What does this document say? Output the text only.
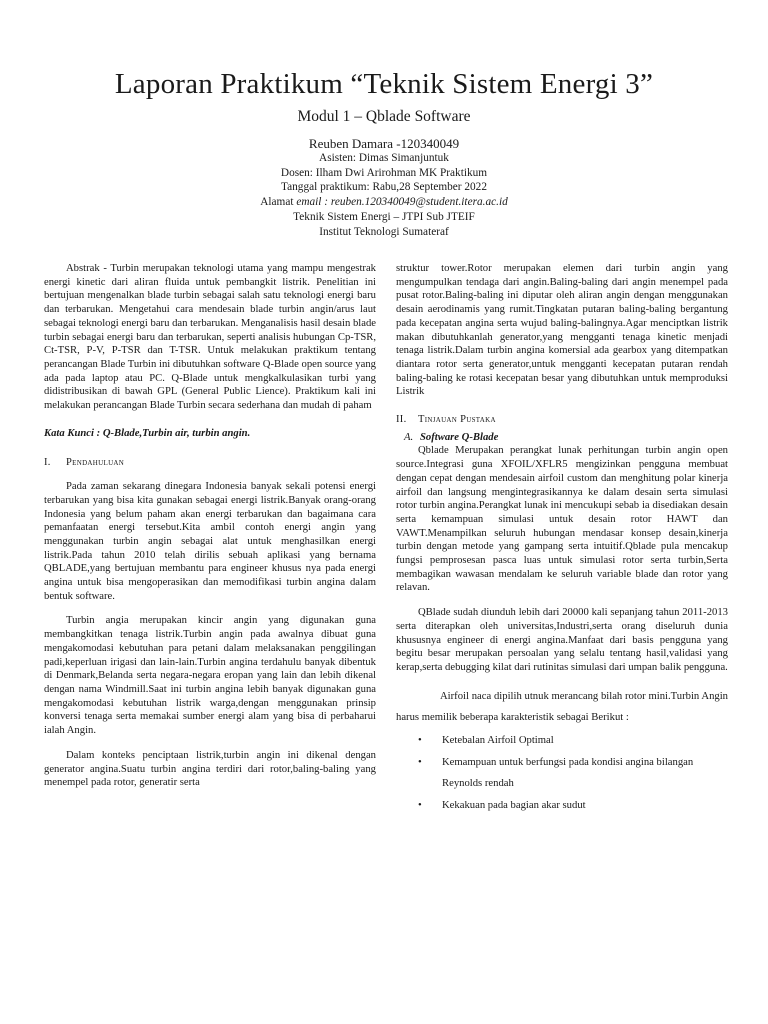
Laporan Praktikum “Teknik Sistem Energi 3”
Modul 1 – Qblade Software
Reuben Damara -120340049
Asisten: Dimas Simanjuntuk
Dosen: Ilham Dwi Arirohman MK Praktikum
Tanggal praktikum: Rabu,28 September 2022
Alamat email : reuben.120340049@student.itera.ac.id
Teknik Sistem Energi – JTPI Sub JTEIF
Institut Teknologi Sumateraf

Abstrak - Turbin merupakan teknologi utama yang mampu mengestrak energi kinetic dari aliran fluida untuk pembangkit listrik. Penelitian ini bertujuan mengenalkan blade turbin sebagai salah satu teknologi energi baru dan terbarukan. Mengetahui cara mendesain blade turbin angin/arus laut sebagai teknologi energi baru dan terbarukan. Menganalisis hasil desain blade turbin sebagai energi baru dan terbarukan, seperti analisis hubungan Cp-TSR, Ct-TSR, P-V, P-TSR dan T-TSR. Untuk melakukan praktikum tentang perancangan Blade Turbin ini dibutuhkan software Q-Blade open source yang ada pada laptop atau PC. Q-Blade untuk mengkalkulasikan turbi yang didistribusikan di bawah GPL (General Public Lience). Praktikum kali ini melakukan perancangan Blade Turbin secara sederhana dan mudah di paham

Kata Kunci : Q-Blade,Turbin air, turbin angin.

I. Pendahuluan

Pada zaman sekarang dinegara Indonesia banyak sekali potensi energi terbarukan yang bisa kita gunakan sebagai energi listrik.Banyak orang-orang Indonesia yang belum paham akan energi terbarukan dan bagaimana cara pemanfaatan energi tersebut.Kita ambil contoh energi angin yang menggunakan turbin angin sebagai alat untuk menghasilkan energi listrik.Pada tahun 2010 telah dirilis sebuah aplikasi yang bernama QBLADE,yang bertujuan membantu para engineer khusus nya pada energi angina untuk bisa mengoperasikan dan memodifikasi turbin angina dalam bentuk software.

Turbin angia merupakan kincir angin yang digunakan guna membangkitkan tenaga listrik.Turbin angin pada awalnya dibuat guna mengakomodasi kebutuhan para petani dalam melaksanakan penggilingan padi,keperluan irigasi dan lain-lain.Turbin angina terdahulu banyak dibentuk di Denmark,Belanda serta negara-negara eropan yang lain dan lebih dikenal dengan nama Windmill.Saat ini turbin angina lebih banyak digunakan guna mengakomodasi kebutuhan listrik warga,dengan menggunakan prinsip konversi tenaga serta memakai sumber energi alam yang bisa di perbaharui ialah Angin.

Dalam konteks penciptaan listrik,turbin angin ini dikenal dengan generator angina.Suatu turbin angina terdiri dari rotor,baling-baling yang menempel pada rotor, generatir serta

struktur tower.Rotor merupakan elemen dari turbin angin yang mengumpulkan tendaga dari angin.Baling-baling dari angin menempel pada pusat rotor.Baling-baling ini diputar oleh aliran angin dengan menggunakan desain aerodinamis yang rumit.Tingkatan putaran baling-baling bergantung pada kecepatan angina serta wujud baling-balingnya.Agar menciptkan listrik makan dibutuhkanlah generator,yang mengganti tenaga kinetic menjadi tenaga listrik.Dalam turbin angina komersial ada gearbox yang ditempatkan diantara rotor serta generator,untuk mengganti kecepatan putaran rendah baling-baling ke rotasi kecepatan besar yang dibutuhkan untuk memproduksi Listrik

II. Tinjauan Pustaka
A. Software Q-Blade

Qblade Merupakan perangkat lunak perhitungan turbin angin open source.Integrasi guna XFOIL/XFLR5 mengizinkan pengguna membuat dengan cepat dengan mendesain airfoil custom dan menghitung polar kinerja airfoil dan langsung mengintegrasikannya ke dalam desain serta simulasi rotor turbin angina.Perangkat lunak ini mencukupi sebab ia disediakan desain serta kemampuan simulasi untuk desain rotor HAWT dan VAWT.Menampilkan seluruh hubungan mendasar konsep desain,kinerja turbin dengan metode yang gampang serta intuitif.Qblade pula mencakup fungsi pemprosesan pasca luas untuk simulasi rotor serta turbin,Serta membagikan wawasan mendalam ke seluruh variable blade dan rotor yang relavan.

QBlade sudah diunduh lebih dari 20000 kali sepanjang tahun 2011-2013 serta diterapkan oleh universitas,Industri,serta orang diseluruh dunia khususnya engineer di energi angina.Manfaat dari basis pengguna yang begitu besar merupakan persoalan yang selalu tentang hasil,validasi yang kerap,serta debugging kilat dari rutinitas simulasi dari umpan balik pengguna.

Airfoil naca dipilih utnuk merancang bilah rotor mini.Turbin Angin harus memilik beberapa karakteristik sebagai Berikut :

• Ketebalan Airfoil Optimal
• Kemampuan untuk berfungsi pada kondisi angina bilangan Reynolds rendah
• Kekakuan pada bagian akar sudut
